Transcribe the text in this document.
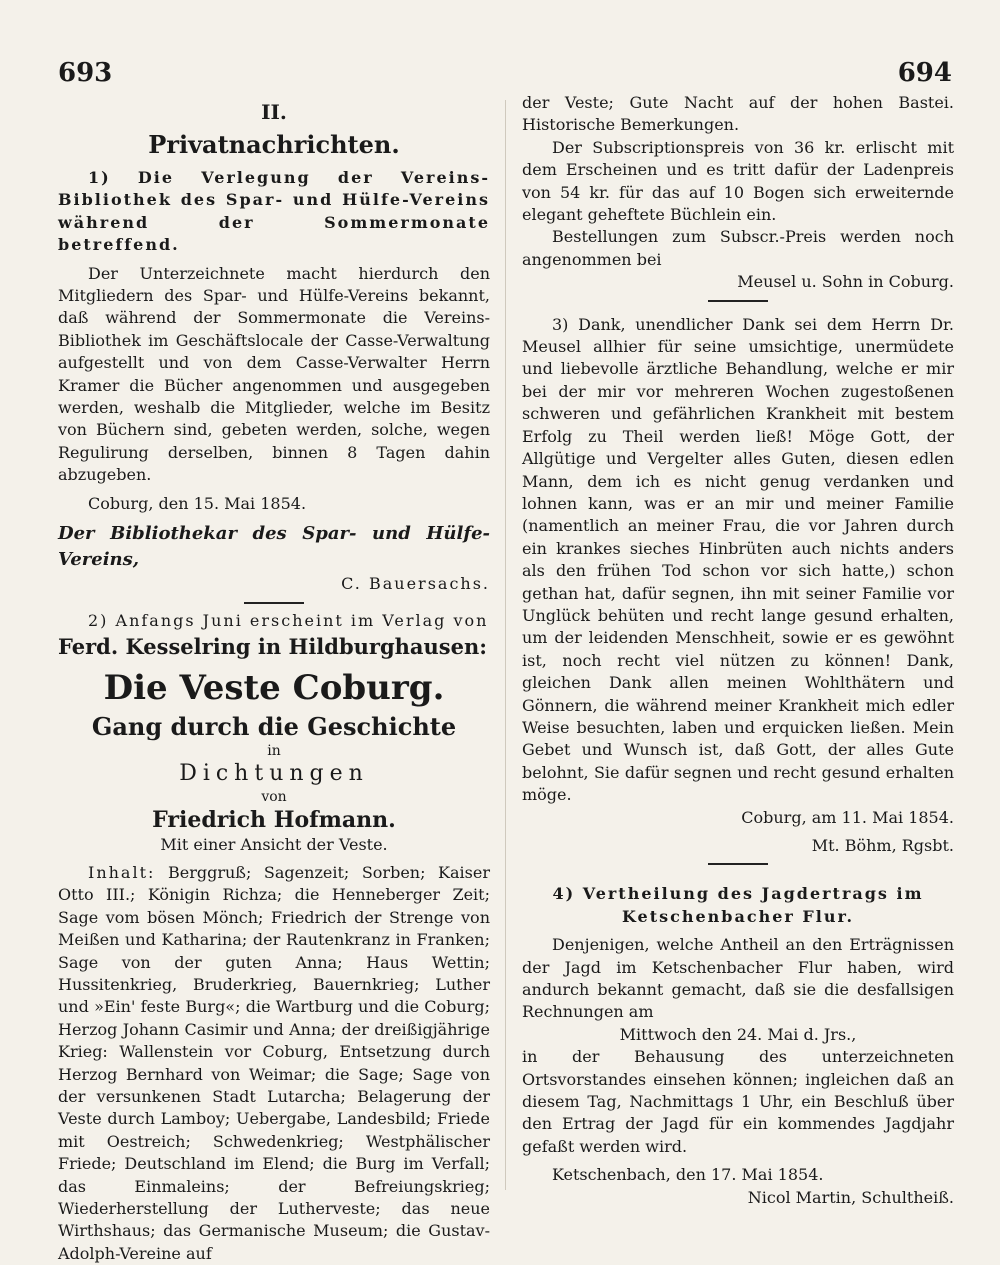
693	694
II.
Privatnachrichten.

1) Die Verlegung der Vereins-Bibliothek des Spar- und Hülfe-Vereins während der Sommermonate betreffend.

Der Unterzeichnete macht hierdurch den Mitgliedern des Spar- und Hülfe-Vereins bekannt, daß während der Sommermonate die Vereins-Bibliothek im Geschäftslocale der Casse-Verwaltung aufgestellt und von dem Casse-Verwalter Herrn Kramer die Bücher angenommen und ausgegeben werden, weshalb die Mitglieder, welche im Besitz von Büchern sind, gebeten werden, solche, wegen Regulirung derselben, binnen 8 Tagen dahin abzugeben.

Coburg, den 15. Mai 1854.

Der Bibliothekar des Spar- und Hülfe-Vereins,

C. Bauersachs.

2) Anfangs Juni erscheint im Verlag von

Ferd. Kesselring in Hildburghausen:

Die Veste Coburg.
Gang durch die Geschichte
in
Dichtungen
von
Friedrich Hofmann.
Mit einer Ansicht der Veste.

Inhalt: Berggruß; Sagenzeit; Sorben; Kaiser Otto III.; Königin Richza; die Henneberger Zeit; Sage vom bösen Mönch; Friedrich der Strenge von Meißen und Katharina; der Rautenkranz in Franken; Sage von der guten Anna; Haus Wettin; Hussitenkrieg, Bruderkrieg, Bauernkrieg; Luther und »Ein' feste Burg«; die Wartburg und die Coburg; Herzog Johann Casimir und Anna; der dreißigjährige Krieg: Wallenstein vor Coburg, Entsetzung durch Herzog Bernhard von Weimar; die Sage; Sage von der versunkenen Stadt Lutarcha; Belagerung der Veste durch Lamboy; Uebergabe, Landesbild; Friede mit Oestreich; Schwedenkrieg; Westphälischer Friede; Deutschland im Elend; die Burg im Verfall; das Einmaleins; der Befreiungskrieg; Wiederherstellung der Lutherveste; das neue Wirthshaus; das Germanische Museum; die Gustav-Adolph-Vereine auf

der Veste; Gute Nacht auf der hohen Bastei. Historische Bemerkungen.

Der Subscriptionspreis von 36 kr. erlischt mit dem Erscheinen und es tritt dafür der Ladenpreis von 54 kr. für das auf 10 Bogen sich erweiternde elegant geheftete Büchlein ein.

Bestellungen zum Subscr.-Preis werden noch angenommen bei

Meusel u. Sohn in Coburg.

3) Dank, unendlicher Dank sei dem Herrn Dr. Meusel allhier für seine umsichtige, unermüdete und liebevolle ärztliche Behandlung, welche er mir bei der mir vor mehreren Wochen zugestoßenen schweren und gefährlichen Krankheit mit bestem Erfolg zu Theil werden ließ! Möge Gott, der Allgütige und Vergelter alles Guten, diesen edlen Mann, dem ich es nicht genug verdanken und lohnen kann, was er an mir und meiner Familie (namentlich an meiner Frau, die vor Jahren durch ein krankes sieches Hinbrüten auch nichts anders als den frühen Tod schon vor sich hatte,) schon gethan hat, dafür segnen, ihn mit seiner Familie vor Unglück behüten und recht lange gesund erhalten, um der leidenden Menschheit, sowie er es gewöhnt ist, noch recht viel nützen zu können! Dank, gleichen Dank allen meinen Wohlthätern und Gönnern, die während meiner Krankheit mich edler Weise besuchten, laben und erquicken ließen. Mein Gebet und Wunsch ist, daß Gott, der alles Gute belohnt, Sie dafür segnen und recht gesund erhalten möge.

Coburg, am 11. Mai 1854.

Mt. Böhm, Rgsbt.

4) Vertheilung des Jagdertrags im Ketschenbacher Flur.

Denjenigen, welche Antheil an den Erträgnissen der Jagd im Ketschenbacher Flur haben, wird andurch bekannt gemacht, daß sie die desfallsigen Rechnungen am

Mittwoch den 24. Mai d. Jrs.,

in der Behausung des unterzeichneten Ortsvorstandes einsehen können; ingleichen daß an diesem Tag, Nachmittags 1 Uhr, ein Beschluß über den Ertrag der Jagd für ein kommendes Jagdjahr gefaßt werden wird.

Ketschenbach, den 17. Mai 1854.

Nicol Martin, Schultheiß.
